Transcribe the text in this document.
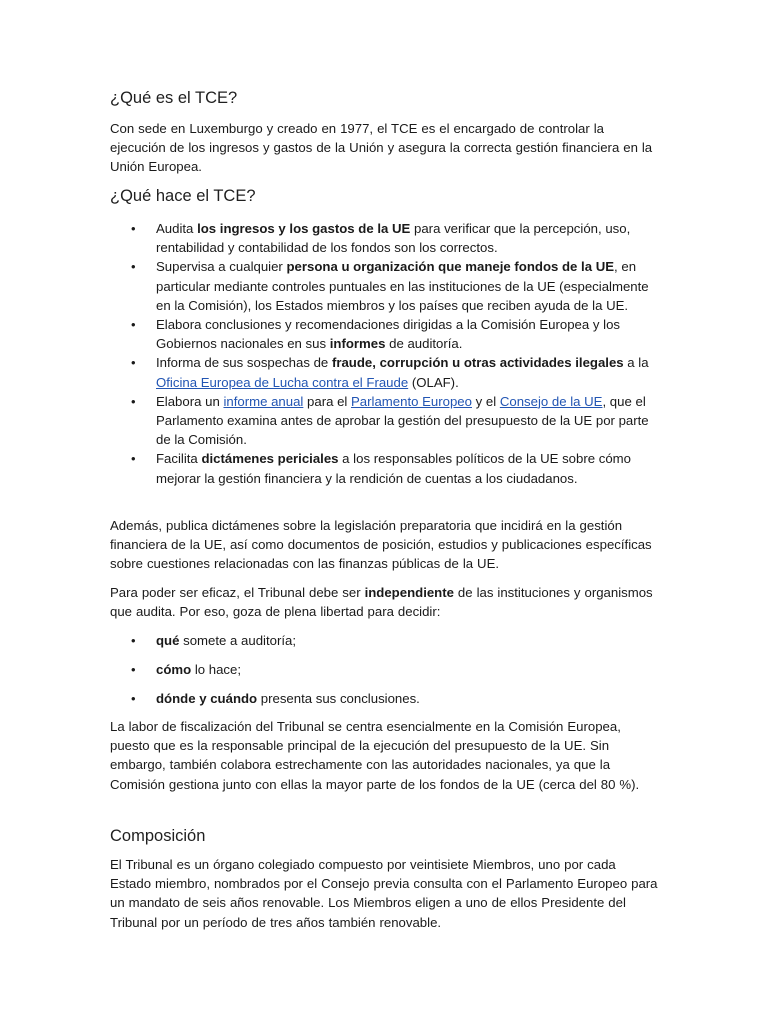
¿Qué es el TCE?

Con sede en Luxemburgo y creado en 1977, el TCE es el encargado de controlar la ejecución de los ingresos y gastos de la Unión y asegura la correcta gestión financiera en la Unión Europea.

¿Qué hace el TCE?
• Audita los ingresos y los gastos de la UE para verificar que la percepción, uso, rentabilidad y contabilidad de los fondos son los correctos.
• Supervisa a cualquier persona u organización que maneje fondos de la UE, en particular mediante controles puntuales en las instituciones de la UE (especialmente en la Comisión), los Estados miembros y los países que reciben ayuda de la UE.
• Elabora conclusiones y recomendaciones dirigidas a la Comisión Europea y los Gobiernos nacionales en sus informes de auditoría.
• Informa de sus sospechas de fraude, corrupción u otras actividades ilegales a la Oficina Europea de Lucha contra el Fraude (OLAF).
• Elabora un informe anual para el Parlamento Europeo y el Consejo de la UE, que el Parlamento examina antes de aprobar la gestión del presupuesto de la UE por parte de la Comisión.
• Facilita dictámenes periciales a los responsables políticos de la UE sobre cómo mejorar la gestión financiera y la rendición de cuentas a los ciudadanos.

Además, publica dictámenes sobre la legislación preparatoria que incidirá en la gestión financiera de la UE, así como documentos de posición, estudios y publicaciones específicas sobre cuestiones relacionadas con las finanzas públicas de la UE.

Para poder ser eficaz, el Tribunal debe ser independiente de las instituciones y organismos que audita. Por eso, goza de plena libertad para decidir:

• qué somete a auditoría;
• cómo lo hace;
• dónde y cuándo presenta sus conclusiones.

La labor de fiscalización del Tribunal se centra esencialmente en la Comisión Europea, puesto que es la responsable principal de la ejecución del presupuesto de la UE. Sin embargo, también colabora estrechamente con las autoridades nacionales, ya que la Comisión gestiona junto con ellas la mayor parte de los fondos de la UE (cerca del 80 %).

Composición

El Tribunal es un órgano colegiado compuesto por veintisiete Miembros, uno por cada Estado miembro, nombrados por el Consejo previa consulta con el Parlamento Europeo para un mandato de seis años renovable. Los Miembros eligen a uno de ellos Presidente del Tribunal por un período de tres años también renovable.
